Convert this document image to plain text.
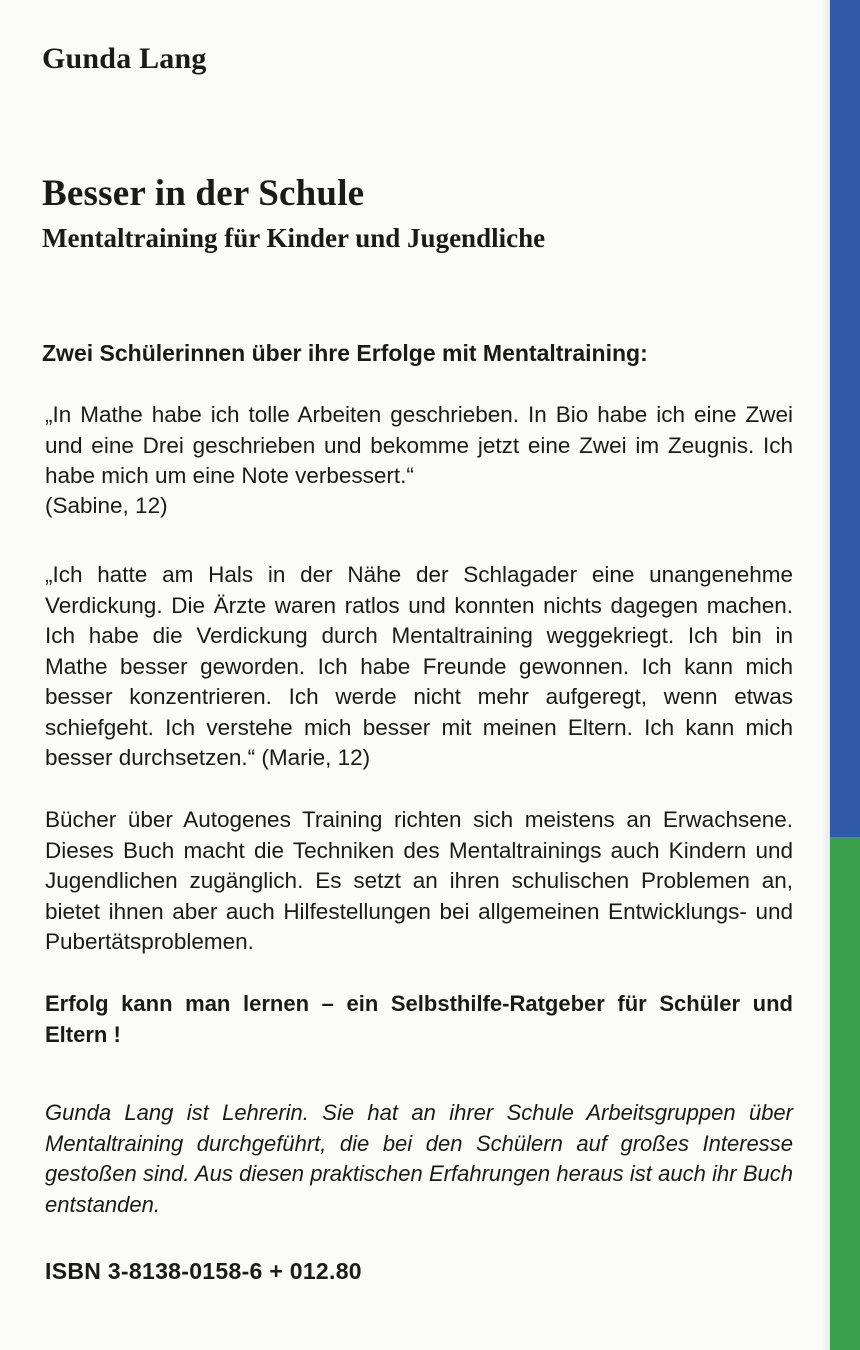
Gunda Lang
Besser in der Schule
Mentaltraining für Kinder und Jugendliche
Zwei Schülerinnen über ihre Erfolge mit Mentaltraining:

„In Mathe habe ich tolle Arbeiten geschrieben. In Bio habe ich eine Zwei und eine Drei geschrieben und bekomme jetzt eine Zwei im Zeugnis. Ich habe mich um eine Note verbessert.“

(Sabine, 12)

„Ich hatte am Hals in der Nähe der Schlagader eine unangenehme Verdickung. Die Ärzte waren ratlos und konnten nichts dagegen machen. Ich habe die Verdickung durch Mentaltraining weggekriegt. Ich bin in Mathe besser geworden. Ich habe Freunde gewonnen. Ich kann mich besser konzentrieren. Ich werde nicht mehr aufgeregt, wenn etwas schiefgeht. Ich verstehe mich besser mit meinen Eltern. Ich kann mich besser durchsetzen.“ (Marie, 12)

Bücher über Autogenes Training richten sich meistens an Erwachsene. Dieses Buch macht die Techniken des Mentaltrainings auch Kindern und Jugendlichen zugänglich. Es setzt an ihren schulischen Problemen an, bietet ihnen aber auch Hilfestellungen bei allgemeinen Entwicklungs- und Pubertätsproblemen.

Erfolg kann man lernen – ein Selbsthilfe-Ratgeber für Schüler und Eltern !

Gunda Lang ist Lehrerin. Sie hat an ihrer Schule Arbeitsgruppen über Mentaltraining durchgeführt, die bei den Schülern auf großes Interesse gestoßen sind. Aus diesen praktischen Erfahrungen heraus ist auch ihr Buch entstanden.

ISBN 3-8138-0158-6 + 012.80
